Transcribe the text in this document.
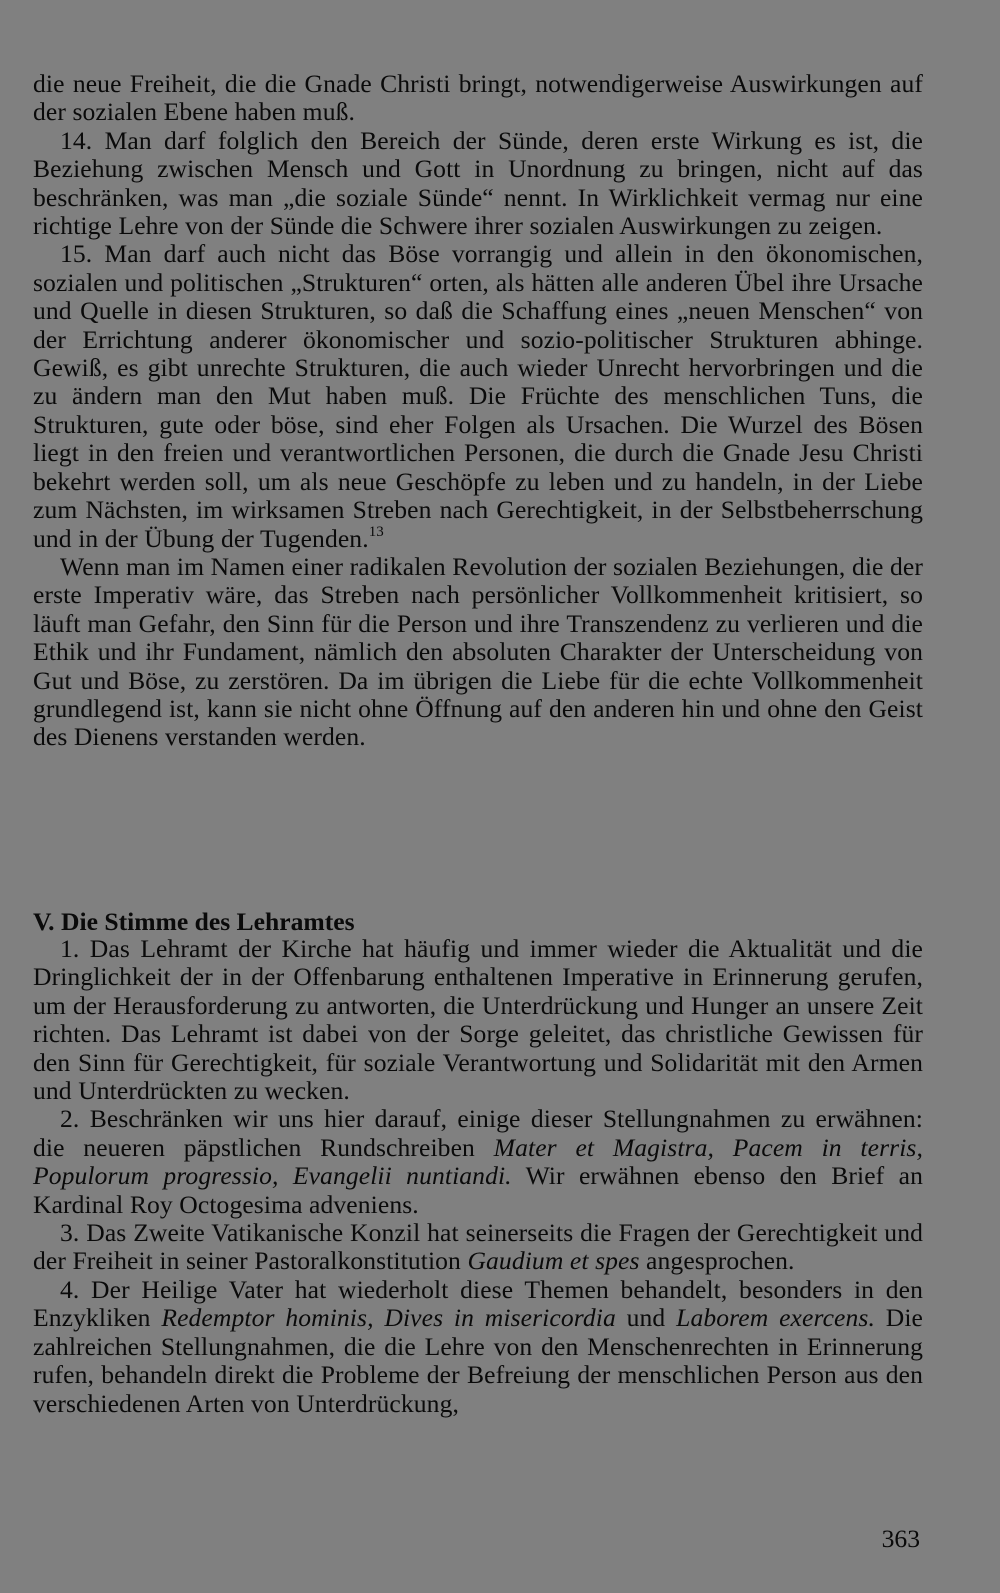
die neue Freiheit, die die Gnade Christi bringt, notwendigerweise Auswirkungen auf der sozialen Ebene haben muß.

14. Man darf folglich den Bereich der Sünde, deren erste Wirkung es ist, die Beziehung zwischen Mensch und Gott in Unordnung zu bringen, nicht auf das beschränken, was man „die soziale Sünde“ nennt. In Wirklichkeit vermag nur eine richtige Lehre von der Sünde die Schwere ihrer sozialen Auswirkungen zu zeigen.

15. Man darf auch nicht das Böse vorrangig und allein in den ökonomischen, sozialen und politischen „Strukturen“ orten, als hätten alle anderen Übel ihre Ursache und Quelle in diesen Strukturen, so daß die Schaffung eines „neuen Menschen“ von der Errichtung anderer ökonomischer und sozio-politischer Strukturen abhinge. Gewiß, es gibt unrechte Strukturen, die auch wieder Unrecht hervorbringen und die zu ändern man den Mut haben muß. Die Früchte des menschlichen Tuns, die Strukturen, gute oder böse, sind eher Folgen als Ursachen. Die Wurzel des Bösen liegt in den freien und verantwortlichen Personen, die durch die Gnade Jesu Christi bekehrt werden soll, um als neue Geschöpfe zu leben und zu handeln, in der Liebe zum Nächsten, im wirksamen Streben nach Gerechtigkeit, in der Selbstbeherrschung und in der Übung der Tugenden.$^{13}$

Wenn man im Namen einer radikalen Revolution der sozialen Beziehungen, die der erste Imperativ wäre, das Streben nach persönlicher Vollkommenheit kritisiert, so läuft man Gefahr, den Sinn für die Person und ihre Transzendenz zu verlieren und die Ethik und ihr Fundament, nämlich den absoluten Charakter der Unterscheidung von Gut und Böse, zu zerstören. Da im übrigen die Liebe für die echte Vollkommenheit grundlegend ist, kann sie nicht ohne Öffnung auf den anderen hin und ohne den Geist des Dienens verstanden werden.

V. Die Stimme des Lehramtes

1. Das Lehramt der Kirche hat häufig und immer wieder die Aktualität und die Dringlichkeit der in der Offenbarung enthaltenen Imperative in Erinnerung gerufen, um der Herausforderung zu antworten, die Unterdrückung und Hunger an unsere Zeit richten. Das Lehramt ist dabei von der Sorge geleitet, das christliche Gewissen für den Sinn für Gerechtigkeit, für soziale Verantwortung und Solidarität mit den Armen und Unterdrückten zu wecken.

2. Beschränken wir uns hier darauf, einige dieser Stellungnahmen zu erwähnen: die neueren päpstlichen Rundschreiben Mater et Magistra, Pacem in terris, Populorum progressio, Evangelii nuntiandi. Wir erwähnen ebenso den Brief an Kardinal Roy Octogesima adveniens.

3. Das Zweite Vatikanische Konzil hat seinerseits die Fragen der Gerechtigkeit und der Freiheit in seiner Pastoralkonstitution Gaudium et spes angesprochen.

4. Der Heilige Vater hat wiederholt diese Themen behandelt, besonders in den Enzykliken Redemptor hominis, Dives in misericordia und Laborem exercens. Die zahlreichen Stellungnahmen, die die Lehre von den Menschenrechten in Erinnerung rufen, behandeln direkt die Probleme der Befreiung der menschlichen Person aus den verschiedenen Arten von Unterdrückung,

363
